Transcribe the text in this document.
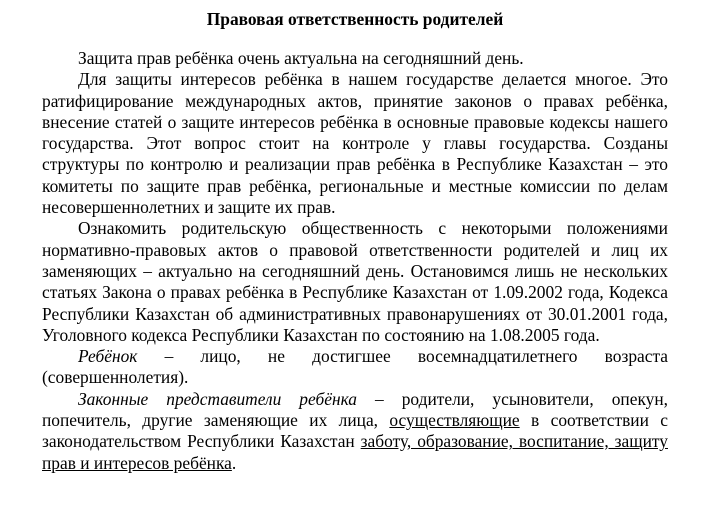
Правовая ответственность родителей

Защита прав ребёнка очень актуальна на сегодняшний день.

Для защиты интересов ребёнка в нашем государстве делается многое. Это ратифицирование международных актов, принятие законов о правах ребёнка, внесение статей о защите интересов ребёнка в основные правовые кодексы нашего государства. Этот вопрос стоит на контроле у главы государства. Созданы структуры по контролю и реализации прав ребёнка в Республике Казахстан – это комитеты по защите прав ребёнка, региональные и местные комиссии по делам несовершеннолетних и защите их прав.

Ознакомить родительскую общественность с некоторыми положениями нормативно-правовых актов о правовой ответственности родителей и лиц их заменяющих – актуально на сегодняшний день. Остановимся лишь не нескольких статьях Закона о правах ребёнка в Республике Казахстан от 1.09.2002 года, Кодекса Республики Казахстан об административных правонарушениях от 30.01.2001 года, Уголовного кодекса Республики Казахстан по состоянию на 1.08.2005 года.

Ребёнок – лицо, не достигшее восемнадцатилетнего возраста (совершеннолетия).

Законные представители ребёнка – родители, усыновители, опекун, попечитель, другие заменяющие их лица, осуществляющие в соответствии с законодательством Республики Казахстан заботу, образование, воспитание, защиту прав и интересов ребёнка.
